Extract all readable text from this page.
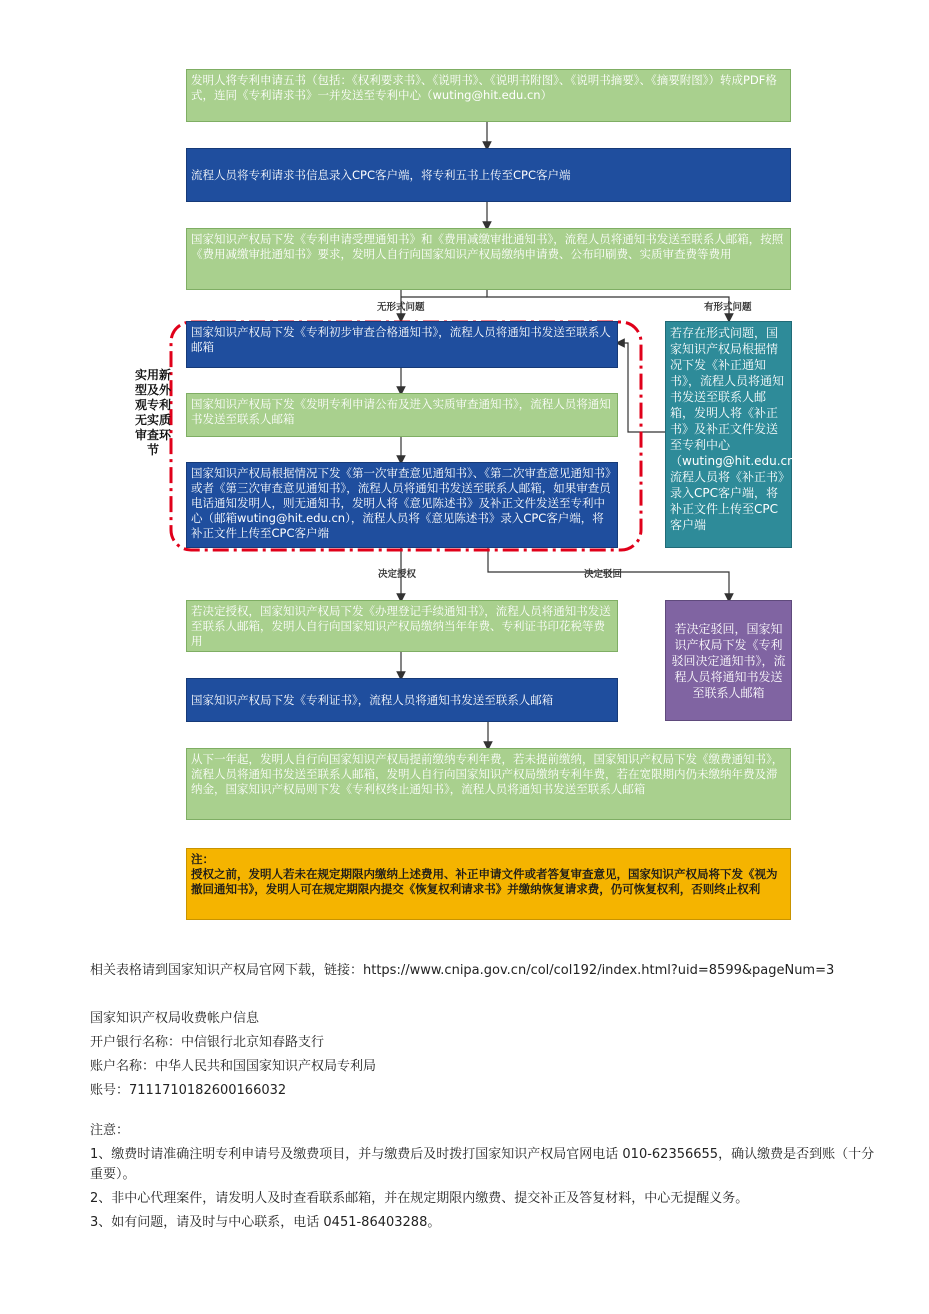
发明人将专利申请五书（包括：《权利要求书》、《说明书》、《说明书附图》、《说明书摘要》、《摘要附图》）转成PDF格式，连同《专利请求书》一并发送至专利中心（wuting@hit.edu.cn）
流程人员将专利请求书信息录入CPC客户端，将专利五书上传至CPC客户端
国家知识产权局下发《专利申请受理通知书》和《费用减缴审批通知书》，流程人员将通知书发送至联系人邮箱，按照《费用减缴审批通知书》要求，发明人自行向国家知识产权局缴纳申请费、公布印刷费、实质审查费等费用
无形式问题	有形式问题
国家知识产权局下发《专利初步审查合格通知书》，流程人员将通知书发送至联系人邮箱
国家知识产权局下发《发明专利申请公布及进入实质审查通知书》，流程人员将通知书发送至联系人邮箱
国家知识产权局根据情况下发《第一次审查意见通知书》、《第二次审查意见通知书》或者《第三次审查意见通知书》，流程人员将通知书发送至联系人邮箱，如果审查员电话通知发明人，则无通知书，发明人将《意见陈述书》及补正文件发送至专利中心（邮箱wuting@hit.edu.cn），流程人员将《意见陈述书》录入CPC客户端，将补正文件上传至CPC客户端
实用新型及外观专利无实质审查环节
若存在形式问题，国家知识产权局根据情况下发《补正通知书》，流程人员将通知书发送至联系人邮箱，发明人将《补正书》及补正文件发送至专利中心（wuting@hit.edu.cn），流程人员将《补正书》录入CPC客户端，将补正文件上传至CPC客户端
决定授权	决定驳回
若决定授权，国家知识产权局下发《办理登记手续通知书》，流程人员将通知书发送至联系人邮箱，发明人自行向国家知识产权局缴纳当年年费、专利证书印花税等费用
若决定驳回，国家知识产权局下发《专利驳回决定通知书》，流程人员将通知书发送至联系人邮箱
国家知识产权局下发《专利证书》，流程人员将通知书发送至联系人邮箱
从下一年起，发明人自行向国家知识产权局提前缴纳专利年费，若未提前缴纳，国家知识产权局下发《缴费通知书》，流程人员将通知书发送至联系人邮箱，发明人自行向国家知识产权局缴纳专利年费，若在宽限期内仍未缴纳年费及滞纳金，国家知识产权局则下发《专利权终止通知书》，流程人员将通知书发送至联系人邮箱
注：
授权之前，发明人若未在规定期限内缴纳上述费用、补正申请文件或者答复审查意见，国家知识产权局将下发《视为撤回通知书》，发明人可在规定期限内提交《恢复权利请求书》并缴纳恢复请求费，仍可恢复权利，否则终止权利

相关表格请到国家知识产权局官网下载，链接：https://www.cnipa.gov.cn/col/col192/index.html?uid=8599&pageNum=3

国家知识产权局收费帐户信息

开户银行名称：中信银行北京知春路支行

账户名称：中华人民共和国国家知识产权局专利局

账号：7111710182600166032

注意：

1、缴费时请准确注明专利申请号及缴费项目，并与缴费后及时拨打国家知识产权局官网电话 010-62356655，确认缴费是否到账（十分重要）。

2、非中心代理案件，请发明人及时查看联系邮箱，并在规定期限内缴费、提交补正及答复材料，中心无提醒义务。

3、如有问题，请及时与中心联系，电话 0451-86403288。
